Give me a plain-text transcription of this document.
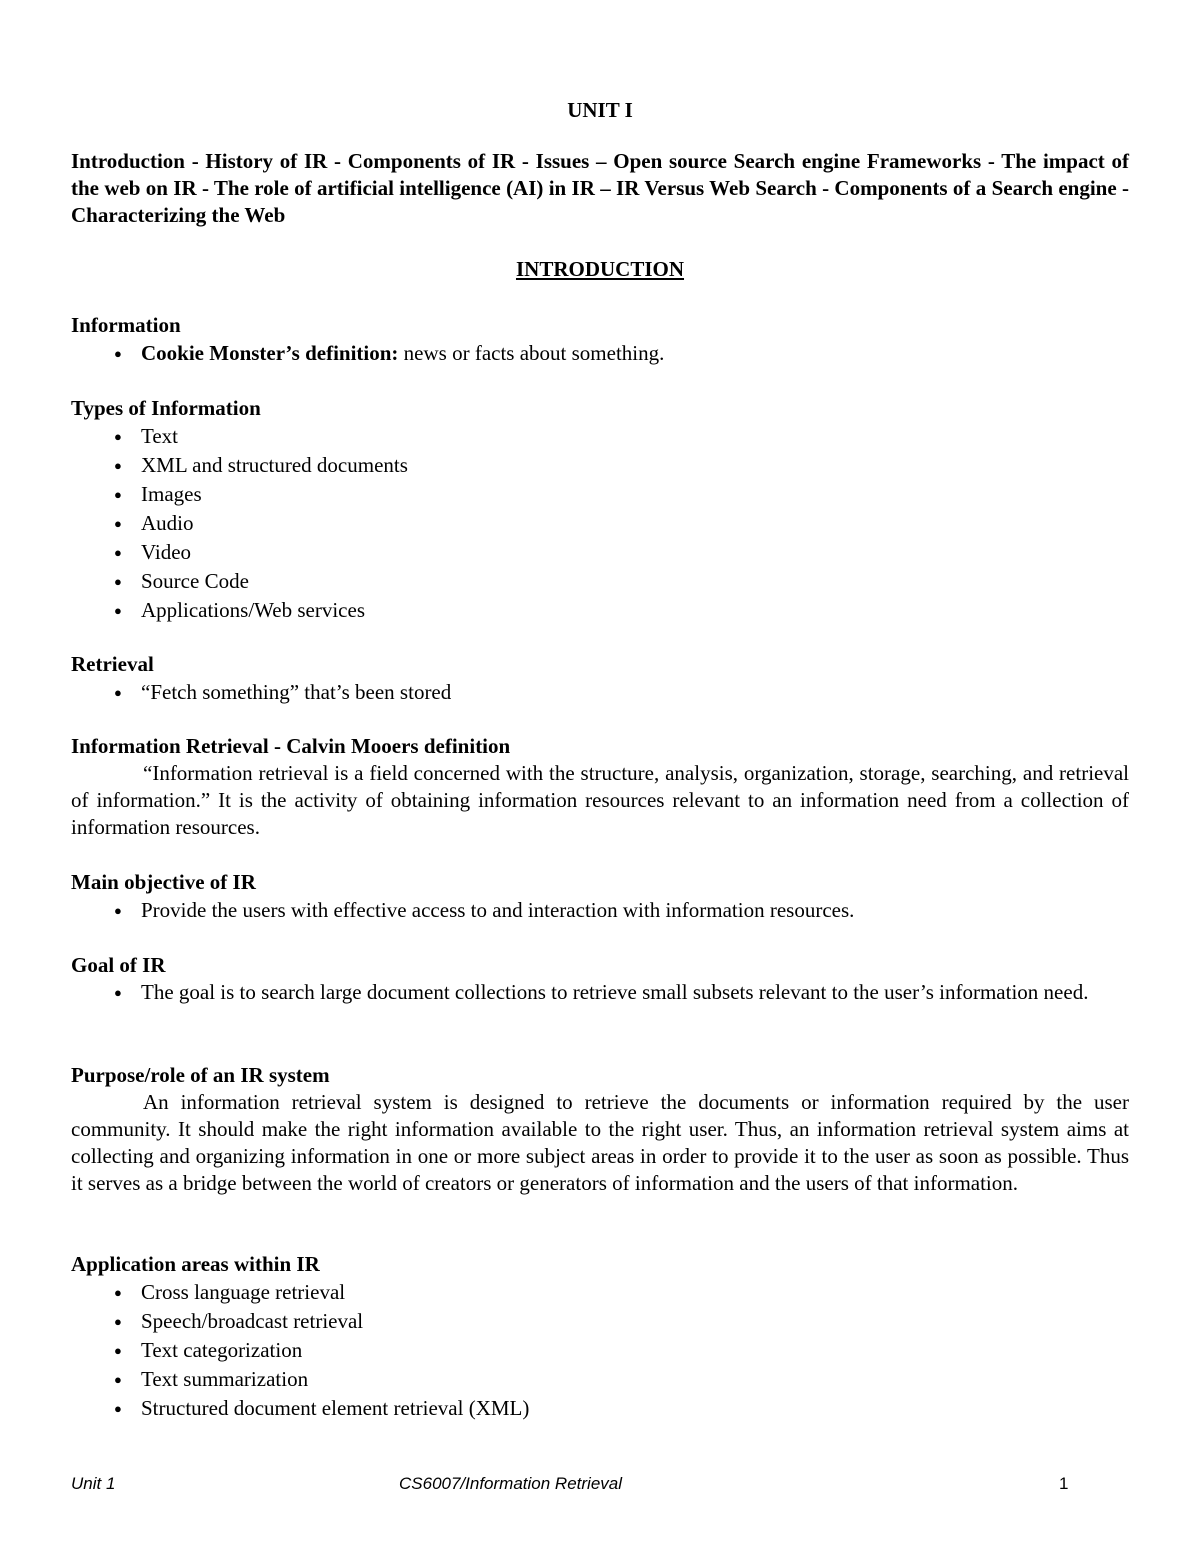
UNIT I
Introduction - History of IR - Components of IR - Issues – Open source Search engine Frameworks - The impact of the web on IR - The role of artificial intelligence (AI) in IR – IR Versus Web Search - Components of a Search engine - Characterizing the Web
INTRODUCTION
Information
● Cookie Monster’s definition: news or facts about something.
Types of Information
● Text
● XML and structured documents
● Images
● Audio
● Video
● Source Code
● Applications/Web services
Retrieval
● “Fetch something” that’s been stored
Information Retrieval - Calvin Mooers definition
“Information retrieval is a field concerned with the structure, analysis, organization, storage, searching, and retrieval of information.” It is the activity of obtaining information resources relevant to an information need from a collection of information resources.
Main objective of IR
● Provide the users with effective access to and interaction with information resources.
Goal of IR
● The goal is to search large document collections to retrieve small subsets relevant to the user’s information need.
Purpose/role of an IR system
An information retrieval system is designed to retrieve the documents or information required by the user community. It should make the right information available to the right user. Thus, an information retrieval system aims at collecting and organizing information in one or more subject areas in order to provide it to the user as soon as possible. Thus it serves as a bridge between the world of creators or generators of information and the users of that information.
Application areas within IR
● Cross language retrieval
● Speech/broadcast retrieval
● Text categorization
● Text summarization
● Structured document element retrieval (XML)
Unit 1	CS6007/Information Retrieval	1
